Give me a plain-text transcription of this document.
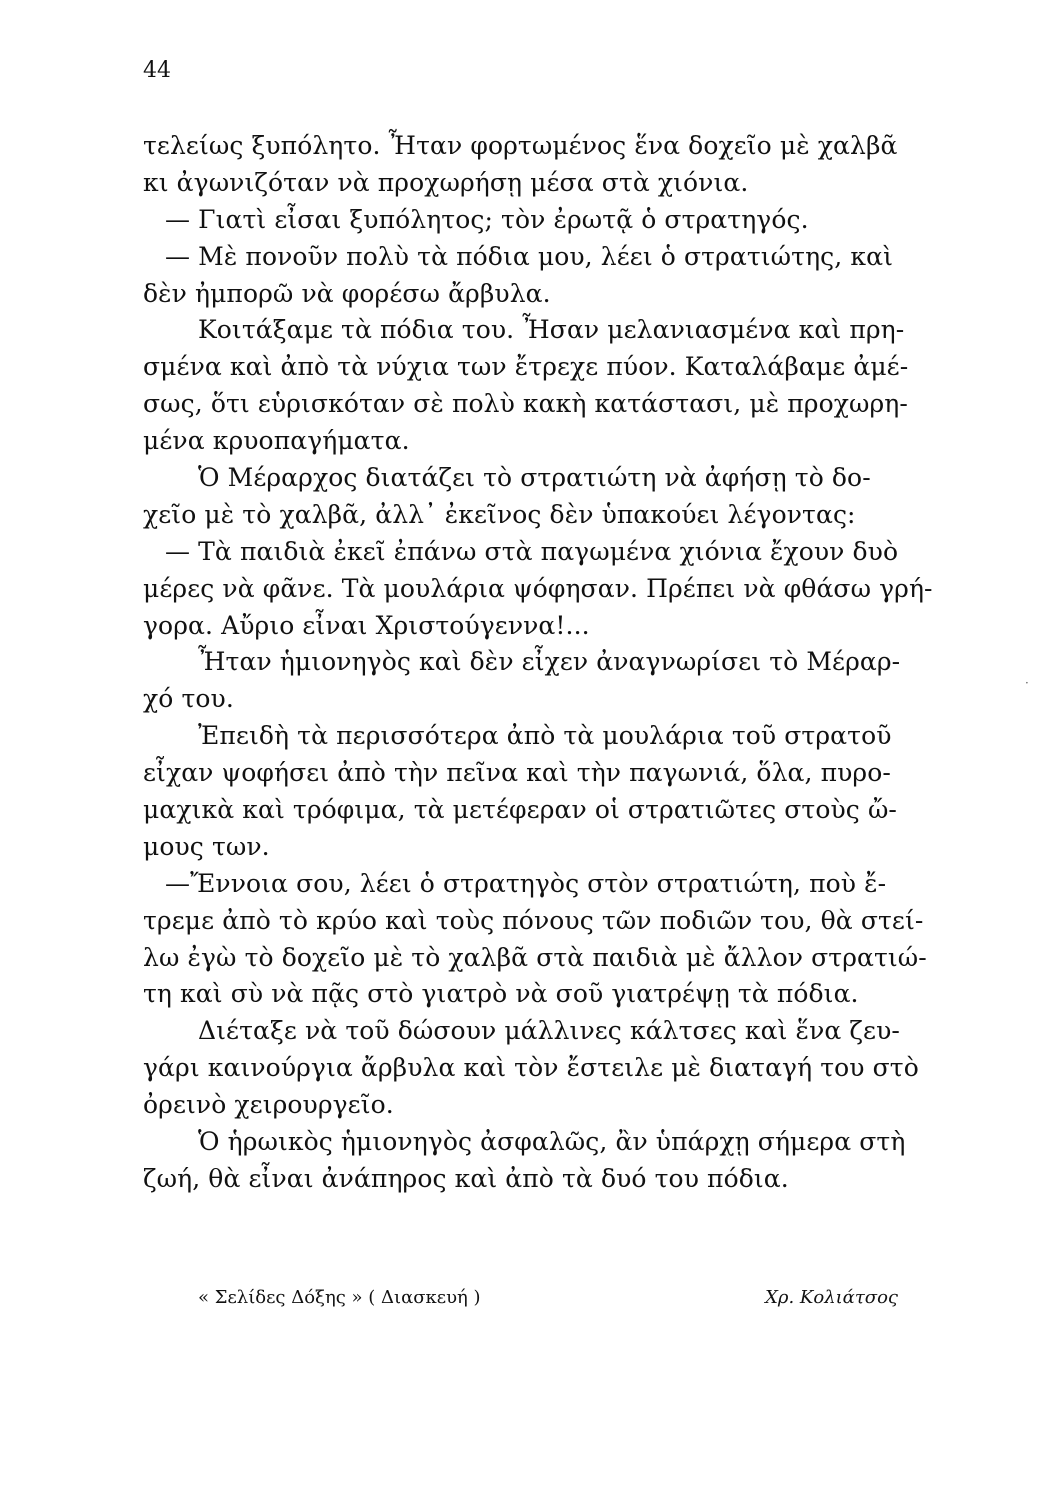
44
τελείως ξυπόλητο. Ἦταν φορτωμένος ἕνα δοχεῖο μὲ χαλβᾶ
κι ἀγωνιζόταν νὰ προχωρήσῃ μέσα στὰ χιόνια.
— Γιατὶ εἶσαι ξυπόλητος; τὸν ἐρωτᾷ ὁ στρατηγός.
— Μὲ πονοῦν πολὺ τὰ πόδια μου, λέει ὁ στρατιώτης, καὶ
δὲν ἠμπορῶ νὰ φορέσω ἄρβυλα.
Κοιτάξαμε τὰ πόδια του. Ἦσαν μελανιασμένα καὶ πρη-
σμένα καὶ ἀπὸ τὰ νύχια των ἔτρεχε πύον. Καταλάβαμε ἀμέ-
σως, ὅτι εὑρισκόταν σὲ πολὺ κακὴ κατάστασι, μὲ προχωρη-
μένα κρυοπαγήματα.
Ὁ Μέραρχος διατάζει τὸ στρατιώτη νὰ ἀφήσῃ τὸ δο-
χεῖο μὲ τὸ χαλβᾶ, ἀλλ᾽ ἐκεῖνος δὲν ὑπακούει λέγοντας:
— Τὰ παιδιὰ ἐκεῖ ἐπάνω στὰ παγωμένα χιόνια ἔχουν δυὸ
μέρες νὰ φᾶνε. Τὰ μουλάρια ψόφησαν. Πρέπει νὰ φθάσω γρή-
γορα. Αὔριο εἶναι Χριστούγεννα!...
Ἦταν ἡμιονηγὸς καὶ δὲν εἶχεν ἀναγνωρίσει τὸ Μέραρ-
χό του.
Ἐπειδὴ τὰ περισσότερα ἀπὸ τὰ μουλάρια τοῦ στρατοῦ
εἶχαν ψοφήσει ἀπὸ τὴν πεῖνα καὶ τὴν παγωνιά, ὅλα, πυρο-
μαχικὰ καὶ τρόφιμα, τὰ μετέφεραν οἱ στρατιῶτες στοὺς ὤ-
μους των.
—Ἔννοια σου, λέει ὁ στρατηγὸς στὸν στρατιώτη, ποὺ ἔ-
τρεμε ἀπὸ τὸ κρύο καὶ τοὺς πόνους τῶν ποδιῶν του, θὰ στεί-
λω ἐγὼ τὸ δοχεῖο μὲ τὸ χαλβᾶ στὰ παιδιὰ μὲ ἄλλον στρατιώ-
τη καὶ σὺ νὰ πᾷς στὸ γιατρὸ νὰ σοῦ γιατρέψῃ τὰ πόδια.
Διέταξε νὰ τοῦ δώσουν μάλλινες κάλτσες καὶ ἕνα ζευ-
γάρι καινούργια ἄρβυλα καὶ τὸν ἔστειλε μὲ διαταγή του στὸ
ὀρεινὸ χειρουργεῖο.
Ὁ ἡρωικὸς ἡμιονηγὸς ἀσφαλῶς, ἂν ὑπάρχῃ σήμερα στὴ
ζωή, θὰ εἶναι ἀνάπηρος καὶ ἀπὸ τὰ δυό του πόδια.
« Σελίδες Δόξης » ( Διασκευή )	Χρ. Κολιάτσος
·
